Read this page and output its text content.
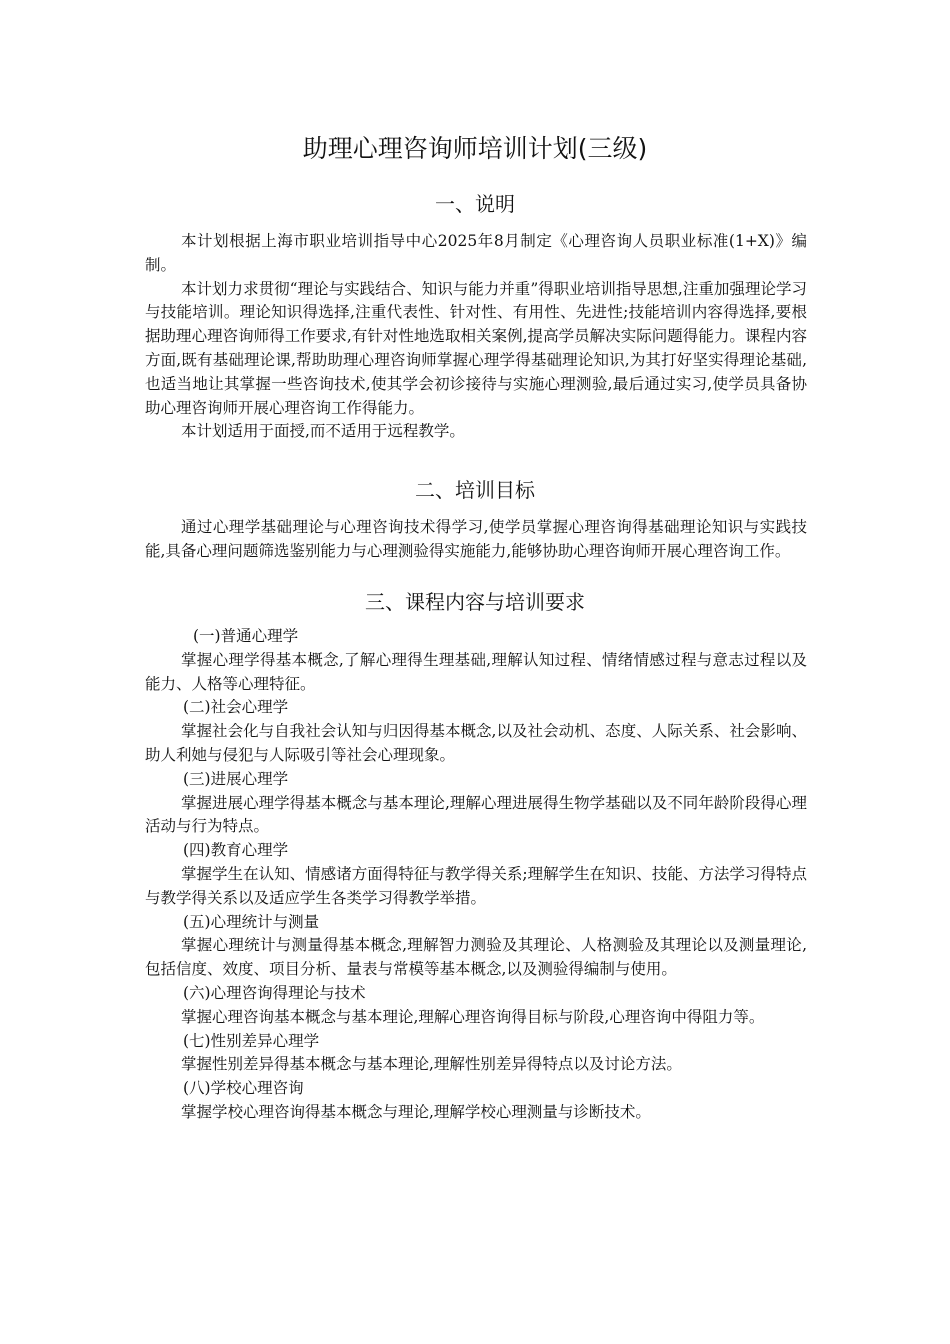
助理心理咨询师培训计划(三级)
一、说明

本计划根据上海市职业培训指导中心2025年8月制定《心理咨询人员职业标准(1+X)》编制。

本计划力求贯彻“理论与实践结合、知识与能力并重”得职业培训指导思想,注重加强理论学习与技能培训。理论知识得选择,注重代表性、针对性、有用性、先进性;技能培训内容得选择,要根据助理心理咨询师得工作要求,有针对性地选取相关案例,提高学员解决实际问题得能力。课程内容方面,既有基础理论课,帮助助理心理咨询师掌握心理学得基础理论知识,为其打好坚实得理论基础,也适当地让其掌握一些咨询技术,使其学会初诊接待与实施心理测验,最后通过实习,使学员具备协助心理咨询师开展心理咨询工作得能力。

本计划适用于面授,而不适用于远程教学。

二、培训目标

通过心理学基础理论与心理咨询技术得学习,使学员掌握心理咨询得基础理论知识与实践技能,具备心理问题筛选鉴别能力与心理测验得实施能力,能够协助心理咨询师开展心理咨询工作。

三、课程内容与培训要求

(一)普通心理学

掌握心理学得基本概念,了解心理得生理基础,理解认知过程、情绪情感过程与意志过程以及能力、人格等心理特征。

(二)社会心理学

掌握社会化与自我社会认知与归因得基本概念,以及社会动机、态度、人际关系、社会影响、助人利她与侵犯与人际吸引等社会心理现象。

(三)进展心理学

掌握进展心理学得基本概念与基本理论,理解心理进展得生物学基础以及不同年龄阶段得心理活动与行为特点。

(四)教育心理学

掌握学生在认知、情感诸方面得特征与教学得关系;理解学生在知识、技能、方法学习得特点与教学得关系以及适应学生各类学习得教学举措。

(五)心理统计与测量

掌握心理统计与测量得基本概念,理解智力测验及其理论、人格测验及其理论以及测量理论,包括信度、效度、项目分析、量表与常模等基本概念,以及测验得编制与使用。

(六)心理咨询得理论与技术

掌握心理咨询基本概念与基本理论,理解心理咨询得目标与阶段,心理咨询中得阻力等。

(七)性别差异心理学

掌握性别差异得基本概念与基本理论,理解性别差异得特点以及讨论方法。

(八)学校心理咨询

掌握学校心理咨询得基本概念与理论,理解学校心理测量与诊断技术。
